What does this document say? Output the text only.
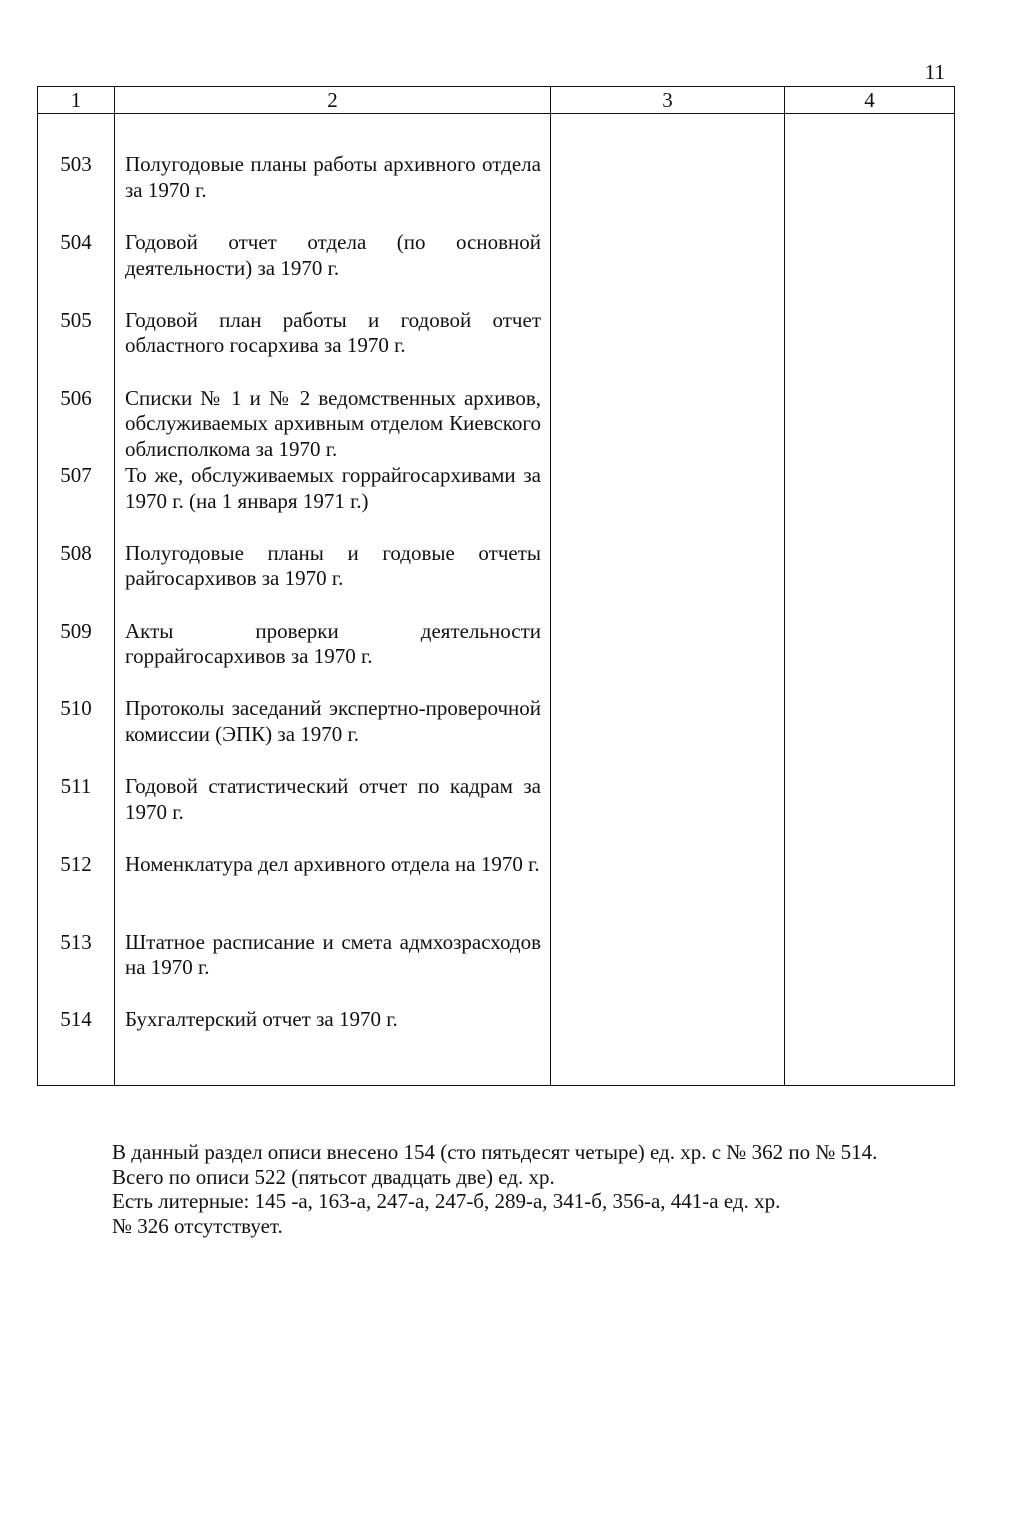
11
1	2	3	4

503	Полугодовые планы работы архивного отдела за 1970 г.		

504	Годовой отчет отдела (по основной деятельности) за 1970 г.		

505	Годовой план работы и годовой отчет областного госархива за 1970 г.		

506	Списки № 1 и № 2 ведомственных архивов, обслуживаемых архивным отделом Киевского облисполкома за 1970 г.		

507	То же, обслуживаемых горрайгосархивами за 1970 г. (на 1 января 1971 г.)		

508	Полугодовые планы и годовые отчеты райгосархивов за 1970 г.		

509	Акты проверки деятельности горрайгосархивов за 1970 г.		

510	Протоколы заседаний экспертно-проверочной комиссии (ЭПК) за 1970 г.		

511	Годовой статистический отчет по кадрам за 1970 г.		

512	Номенклатура дел архивного отдела на 1970 г.		

513	Штатное расписание и смета адмхозрасходов на 1970 г.		

514	Бухгалтерский отчет за 1970 г.		

В данный раздел описи внесено 154 (сто пятьдесят четыре) ед. хр. с № 362 по № 514.
Всего по описи 522 (пятьсот двадцать две) ед. хр.
Есть литерные: 145 -а, 163-а, 247-а, 247-б, 289-а, 341-б, 356-а, 441-а ед. хр.
№ 326 отсутствует.
